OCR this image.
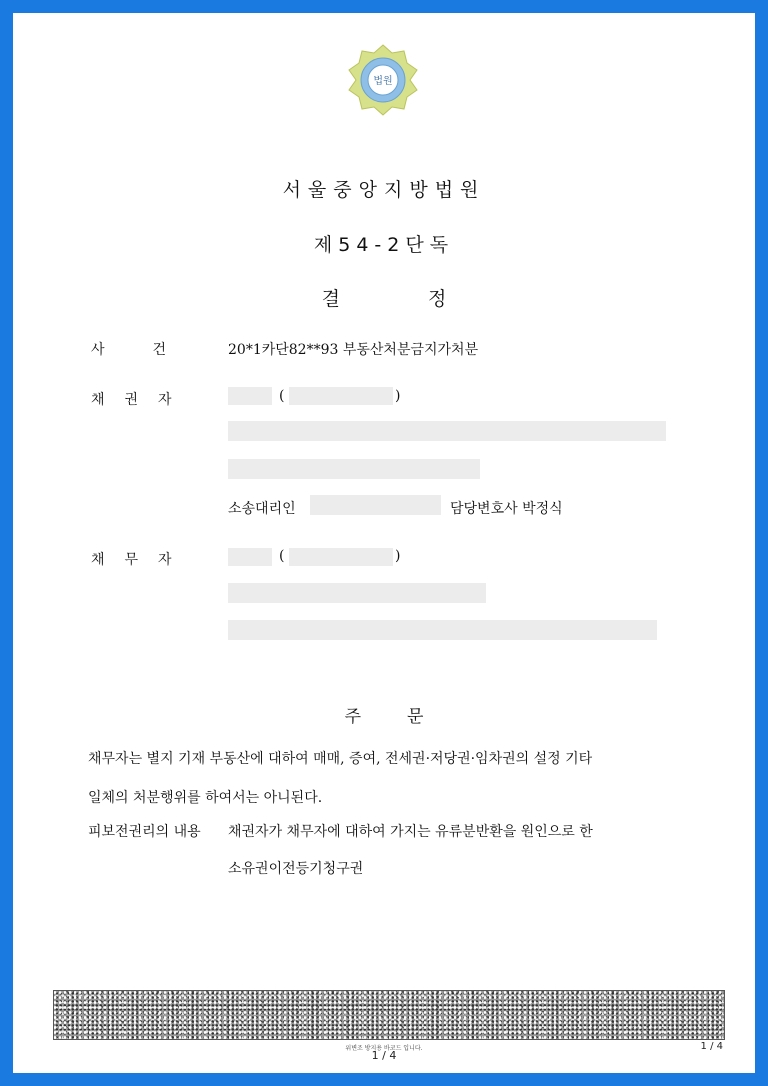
법원
서울중앙지방법원
제54-2단독
결정
사건 20*1카단82**93 부동산처분금지가처분
채권자	(	)
소송대리인	담당변호사 박정식
채무자	(	)
주문
채무자는 별지 기재 부동산에 대하여 매매, 증여, 전세권·저당권·임차권의 설정 기타
일체의 처분행위를 하여서는 아니된다.
피보전권리의 내용 채권자가 채무자에 대하여 가지는 유류분반환을 원인으로 한
소유권이전등기청구권
위변조 방지용 바코드 입니다.
1 / 4
1 / 4
